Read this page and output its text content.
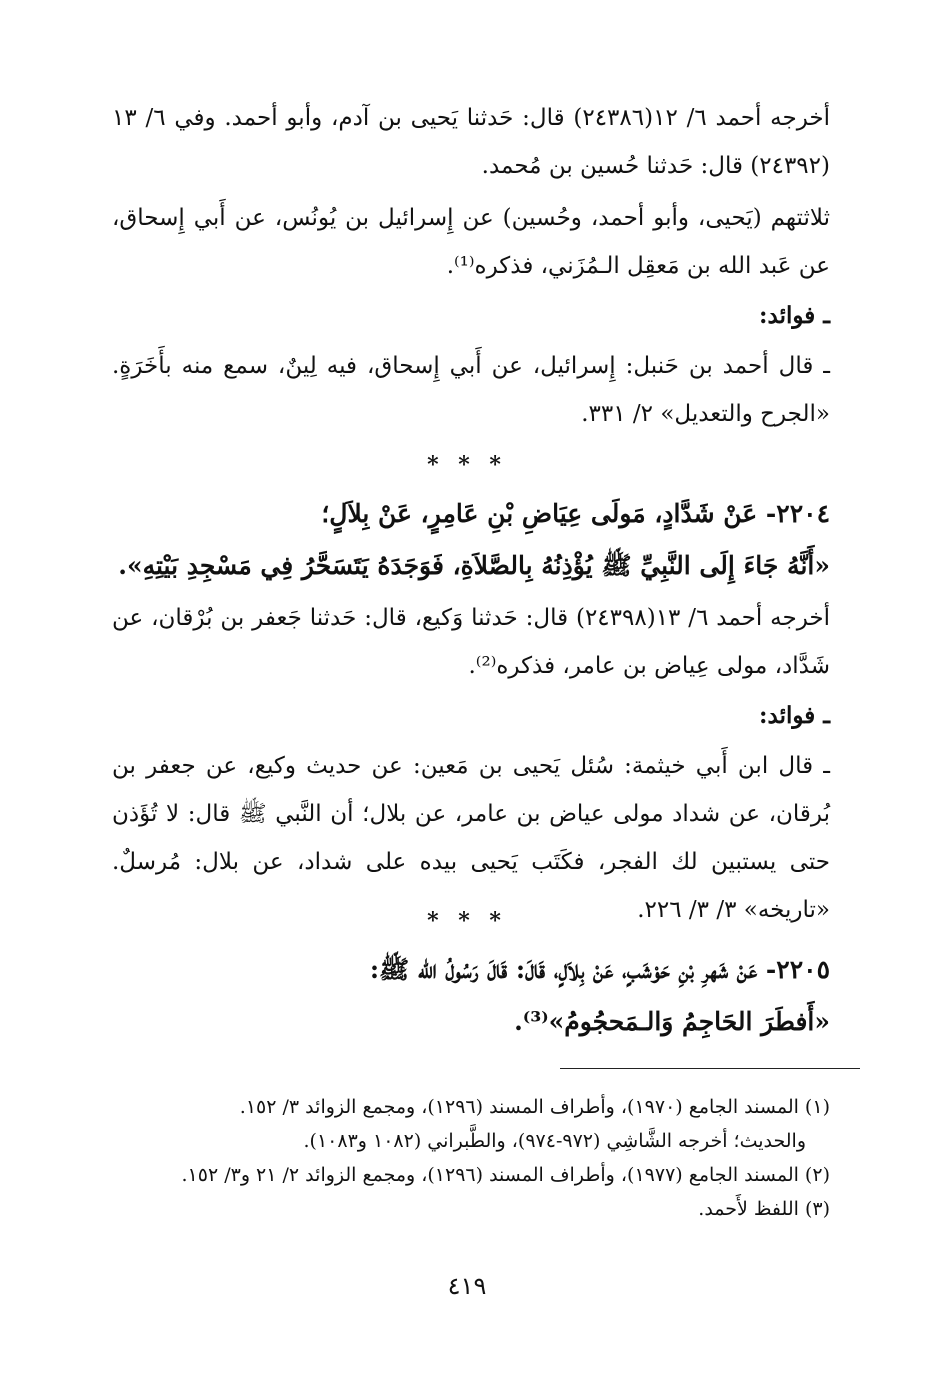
أخرجه أحمد ٦/ ١٢(٢٤٣٨٦) قال: حَدثنا يَحيى بن آدم، وأبو أحمد. وفي ٦/ ١٣ (٢٤٣٩٢) قال: حَدثنا حُسين بن مُحمد.

ثلاثتهم (يَحيى، وأبو أحمد، وحُسين) عن إِسرائيل بن يُونُس، عن أَبي إِسحاق، عن عَبد الله بن مَعقِل الـمُزَني، فذكره⁽¹⁾.

ـ فوائد:

ـ قال أحمد بن حَنبل: إِسرائيل، عن أَبي إِسحاق، فيه لِينٌ، سمع منه بأَخَرَةٍ. «الجرح والتعديل» ٢/ ٣٣١.

* * *

٢٢٠٤- عَنْ شَدَّادٍ، مَولَى عِيَاضِ بْنِ عَامِرٍ، عَنْ بِلاَلٍ؛

«أَنَّهُ جَاءَ إِلَى النَّبِيِّ ﷺ يُؤْذِنُهُ بِالصَّلاَةِ، فَوَجَدَهُ يَتَسَحَّرُ فِي مَسْجِدِ بَيْتِهِ».

أخرجه أحمد ٦/ ١٣(٢٤٣٩٨) قال: حَدثنا وَكيع، قال: حَدثنا جَعفر بن بُرْقان، عن شَدَّاد، مولى عِياض بن عامر، فذكره⁽²⁾.

ـ فوائد:

ـ قال ابن أَبي خيثمة: سُئل يَحيى بن مَعين: عن حديث وكيع، عن جعفر بن بُرقان، عن شداد مولى عياض بن عامر، عن بلال؛ أن النَّبي ﷺ قال: لا تُؤَذن حتى يستبين لك الفجر، فكَتَب يَحيى بيده على شداد، عن بلال: مُرسلٌ. «تاريخه» ٣/ ٣/ ٢٢٦.

* * *

٢٢٠٥- عَنْ شَهرِ بْنِ حَوْشَبٍ، عَنْ بِلاَلٍ، قَالَ: قَالَ رَسُولُ الله ﷺ:

«أَفطَرَ الحَاجِمُ وَالـمَحجُومُ»⁽³⁾.

(١) المسند الجامع (١٩٧٠)، وأطراف المسند (١٢٩٦)، ومجمع الزوائد ٣/ ١٥٢.

والحديث؛ أخرجه الشَّاشِي (٩٧٢-٩٧٤)، والطَّبراني (١٠٨٢ و١٠٨٣).

(٢) المسند الجامع (١٩٧٧)، وأطراف المسند (١٢٩٦)، ومجمع الزوائد ٢/ ٢١ و٣/ ١٥٢.

(٣) اللفظ لأَحمد.

٤١٩
